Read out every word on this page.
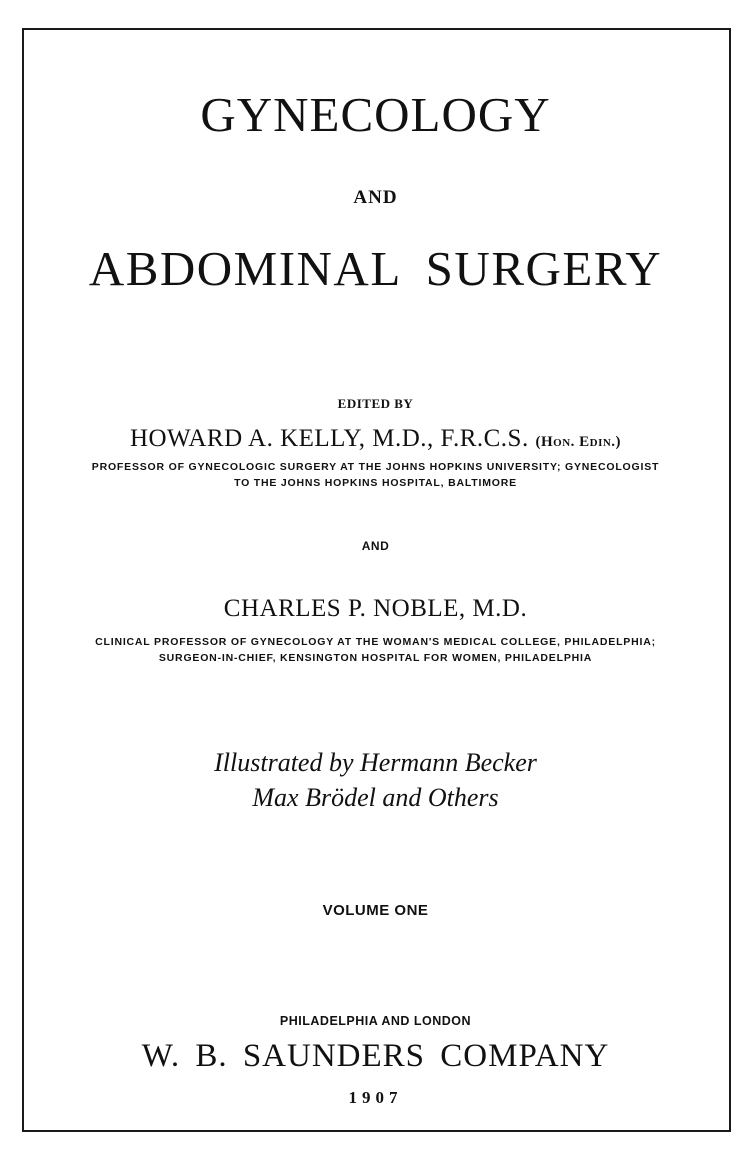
GYNECOLOGY
AND
ABDOMINAL SURGERY
EDITED BY
HOWARD A. KELLY, M.D., F.R.C.S. (Hon. Edin.)
PROFESSOR OF GYNECOLOGIC SURGERY AT THE JOHNS HOPKINS UNIVERSITY; GYNECOLOGIST
TO THE JOHNS HOPKINS HOSPITAL, BALTIMORE
AND
CHARLES P. NOBLE, M.D.
CLINICAL PROFESSOR OF GYNECOLOGY AT THE WOMAN'S MEDICAL COLLEGE, PHILADELPHIA;
SURGEON-IN-CHIEF, KENSINGTON HOSPITAL FOR WOMEN, PHILADELPHIA
Illustrated by Hermann Becker
Max Brödel and Others
VOLUME ONE
PHILADELPHIA AND LONDON
W. B. SAUNDERS COMPANY
1907
